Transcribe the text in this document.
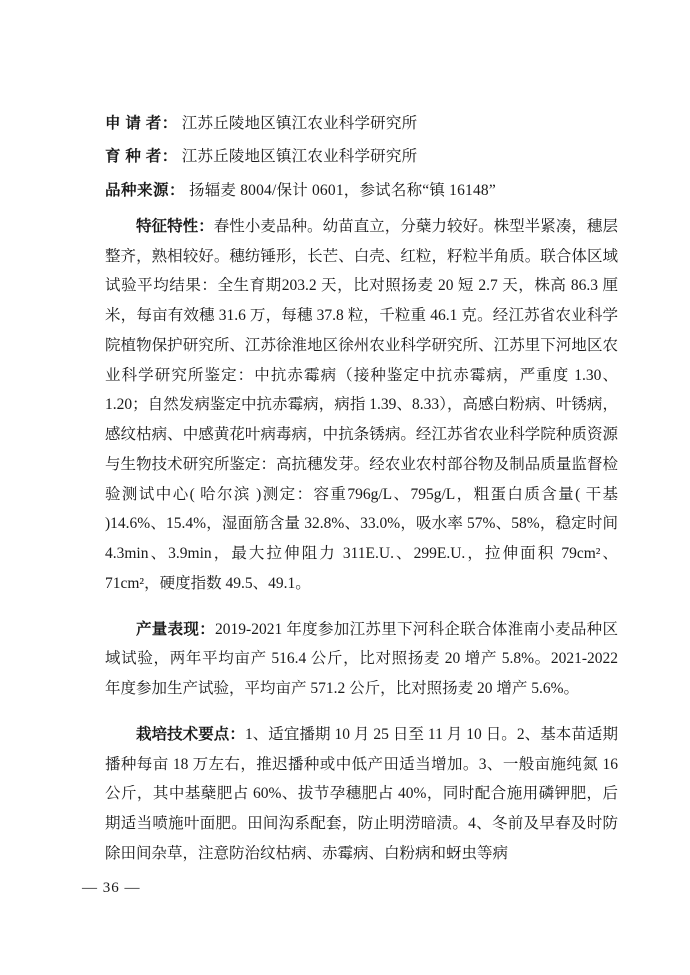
申 请 者： 江苏丘陵地区镇江农业科学研究所
育 种 者： 江苏丘陵地区镇江农业科学研究所
品种来源： 扬辐麦 8004/保计 0601，参试名称“镇 16148”

特征特性：春性小麦品种。幼苗直立，分蘖力较好。株型半紧凑，穗层整齐，熟相较好。穗纺锤形，长芒、白壳、红粒，籽粒半角质。联合体区域试验平均结果：全生育期203.2 天，比对照扬麦 20 短 2.7 天，株高 86.3 厘米，每亩有效穗 31.6 万，每穗 37.8 粒，千粒重 46.1 克。经江苏省农业科学院植物保护研究所、江苏徐淮地区徐州农业科学研究所、江苏里下河地区农业科学研究所鉴定：中抗赤霉病（接种鉴定中抗赤霉病，严重度 1.30、1.20；自然发病鉴定中抗赤霉病，病指 1.39、8.33），高感白粉病、叶锈病，感纹枯病、中感黄花叶病毒病，中抗条锈病。经江苏省农业科学院种质资源与生物技术研究所鉴定：高抗穗发芽。经农业农村部谷物及制品质量监督检验测试中心( 哈尔滨 )测定：容重796g/L、795g/L，粗蛋白质含量( 干基 )14.6%、15.4%，湿面筋含量 32.8%、33.0%，吸水率 57%、58%，稳定时间 4.3min、3.9min，最大拉伸阻力 311E.U.、299E.U.，拉伸面积 79cm²、71cm²，硬度指数 49.5、49.1。

产量表现：2019-2021 年度参加江苏里下河科企联合体淮南小麦品种区域试验，两年平均亩产 516.4 公斤，比对照扬麦 20 增产 5.8%。2021-2022 年度参加生产试验，平均亩产 571.2 公斤，比对照扬麦 20 增产 5.6%。

栽培技术要点：1、适宜播期 10 月 25 日至 11 月 10 日。2、基本苗适期播种每亩 18 万左右，推迟播种或中低产田适当增加。3、一般亩施纯氮 16 公斤，其中基蘖肥占 60%、拔节孕穗肥占 40%，同时配合施用磷钾肥，后期适当喷施叶面肥。田间沟系配套，防止明涝暗渍。4、冬前及早春及时防除田间杂草，注意防治纹枯病、赤霉病、白粉病和蚜虫等病

— 36 —
